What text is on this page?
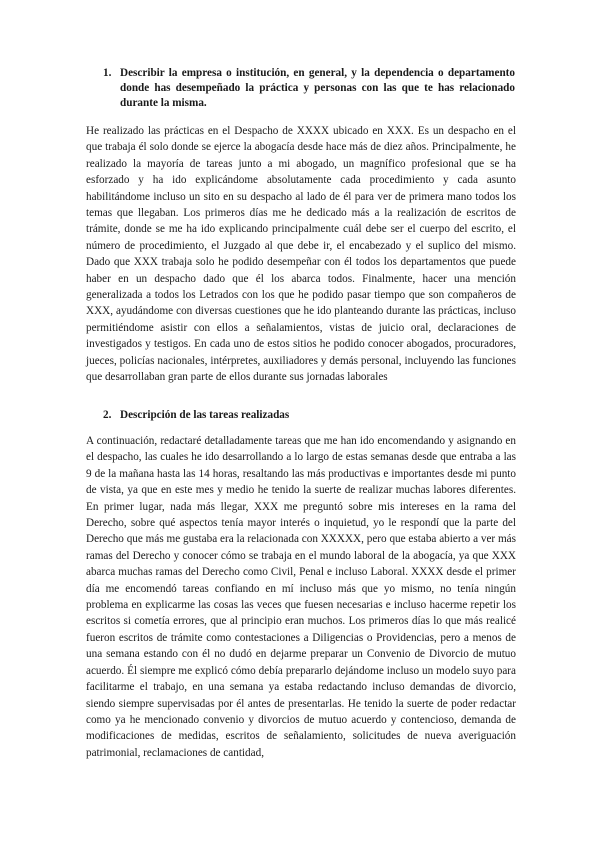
1. Describir la empresa o institución, en general, y la dependencia o departamento donde has desempeñado la práctica y personas con las que te has relacionado durante la misma.

He realizado las prácticas en el Despacho de XXXX ubicado en XXX. Es un despacho en el que trabaja él solo donde se ejerce la abogacía desde hace más de diez años. Principalmente, he realizado la mayoría de tareas junto a mi abogado, un magnífico profesional que se ha esforzado y ha ido explicándome absolutamente cada procedimiento y cada asunto habilitándome incluso un sito en su despacho al lado de él para ver de primera mano todos los temas que llegaban. Los primeros días me he dedicado más a la realización de escritos de trámite, donde se me ha ido explicando principalmente cuál debe ser el cuerpo del escrito, el número de procedimiento, el Juzgado al que debe ir, el encabezado y el suplico del mismo. Dado que XXX trabaja solo he podido desempeñar con él todos los departamentos que puede haber en un despacho dado que él los abarca todos. Finalmente, hacer una mención generalizada a todos los Letrados con los que he podido pasar tiempo que son compañeros de XXX, ayudándome con diversas cuestiones que he ido planteando durante las prácticas, incluso permitiéndome asistir con ellos a señalamientos, vistas de juicio oral, declaraciones de investigados y testigos. En cada uno de estos sitios he podido conocer abogados, procuradores, jueces, policías nacionales, intérpretes, auxiliadores y demás personal, incluyendo las funciones que desarrollaban gran parte de ellos durante sus jornadas laborales

2. Descripción de las tareas realizadas

A continuación, redactaré detalladamente tareas que me han ido encomendando y asignando en el despacho, las cuales he ido desarrollando a lo largo de estas semanas desde que entraba a las 9 de la mañana hasta las 14 horas, resaltando las más productivas e importantes desde mi punto de vista, ya que en este mes y medio he tenido la suerte de realizar muchas labores diferentes. En primer lugar, nada más llegar, XXX me preguntó sobre mis intereses en la rama del Derecho, sobre qué aspectos tenía mayor interés o inquietud, yo le respondí que la parte del Derecho que más me gustaba era la relacionada con XXXXX, pero que estaba abierto a ver más ramas del Derecho y conocer cómo se trabaja en el mundo laboral de la abogacía, ya que XXX abarca muchas ramas del Derecho como Civil, Penal e incluso Laboral. XXXX desde el primer día me encomendó tareas confiando en mí incluso más que yo mismo, no tenía ningún problema en explicarme las cosas las veces que fuesen necesarias e incluso hacerme repetir los escritos si cometía errores, que al principio eran muchos. Los primeros días lo que más realicé fueron escritos de trámite como contestaciones a Diligencias o Providencias, pero a menos de una semana estando con él no dudó en dejarme preparar un Convenio de Divorcio de mutuo acuerdo. Él siempre me explicó cómo debía prepararlo dejándome incluso un modelo suyo para facilitarme el trabajo, en una semana ya estaba redactando incluso demandas de divorcio, siendo siempre supervisadas por él antes de presentarlas. He tenido la suerte de poder redactar como ya he mencionado convenio y divorcios de mutuo acuerdo y contencioso, demanda de modificaciones de medidas, escritos de señalamiento, solicitudes de nueva averiguación patrimonial, reclamaciones de cantidad,
